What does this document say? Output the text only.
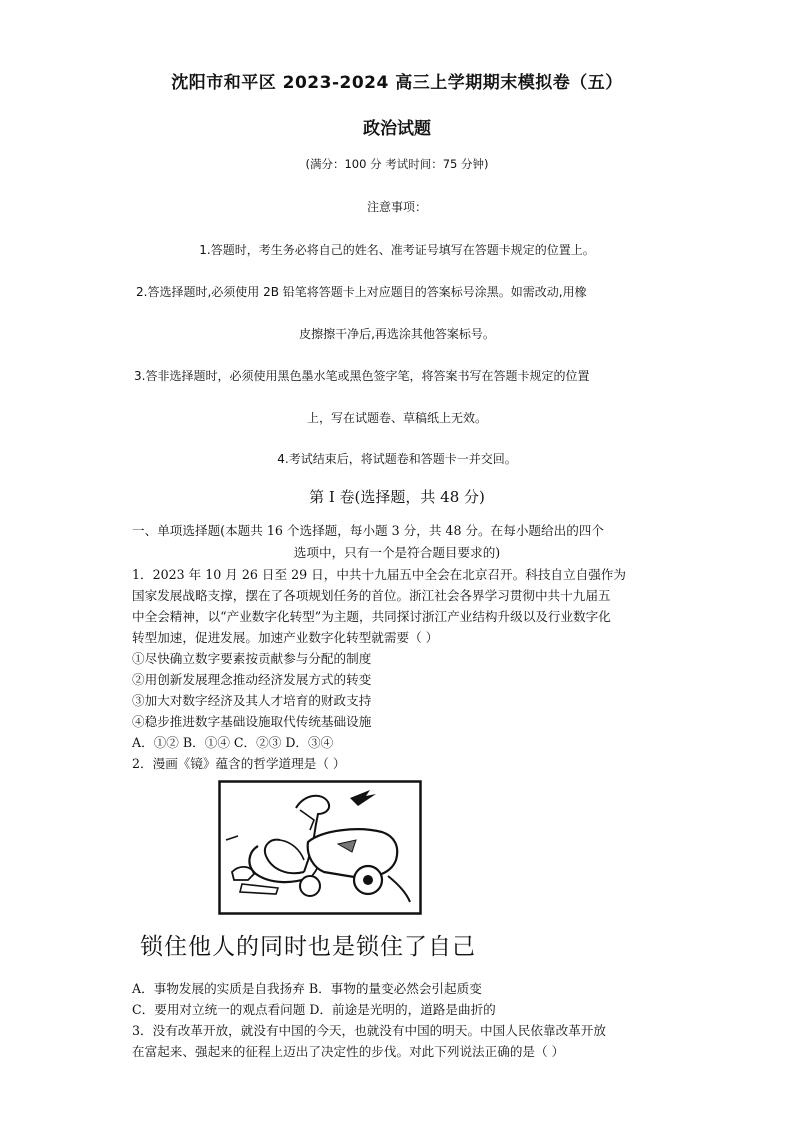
沈阳市和平区 2023-2024 高三上学期期末模拟卷（五）
政治试题
(满分：100 分 考试时间：75 分钟)
注意事项：
1.答题时，考生务必将自己的姓名、准考证号填写在答题卡规定的位置上。
2.答选择题时,必须使用 2B 铅笔将答题卡上对应题目的答案标号涂黑。如需改动,用橡
皮擦擦干净后,再选涂其他答案标号。
3.答非选择题时，必须使用黑色墨水笔或黑色签字笔，将答案书写在答题卡规定的位置
上，写在试题卷、草稿纸上无效。
4.考试结束后，将试题卷和答题卡一并交回。
第 Ⅰ 卷(选择题，共 48 分)
一、单项选择题(本题共 16 个选择题，每小题 3 分，共 48 分。在每小题给出的四个
选项中，只有一个是符合题目要求的)
1．2023 年 10 月 26 日至 29 日，中共十九届五中全会在北京召开。科技自立自强作为
国家发展战略支撑，摆在了各项规划任务的首位。浙江社会各界学习贯彻中共十九届五
中全会精神，以“产业数字化转型”为主题，共同探讨浙江产业结构升级以及行业数字化
转型加速，促进发展。加速产业数字化转型就需要（ ）
①尽快确立数字要素按贡献参与分配的制度
②用创新发展理念推动经济发展方式的转变
③加大对数字经济及其人才培育的财政支持
④稳步推进数字基础设施取代传统基础设施
A．①② B．①④ C．②③ D．③④
2．漫画《镜》蕴含的哲学道理是（ ）
锁住他人的同时也是锁住了自己
A．事物发展的实质是自我扬弃 B．事物的量变必然会引起质变
C．要用对立统一的观点看问题 D．前途是光明的，道路是曲折的
3．没有改革开放，就没有中国的今天，也就没有中国的明天。中国人民依靠改革开放
在富起来、强起来的征程上迈出了决定性的步伐。对此下列说法正确的是（ ）
